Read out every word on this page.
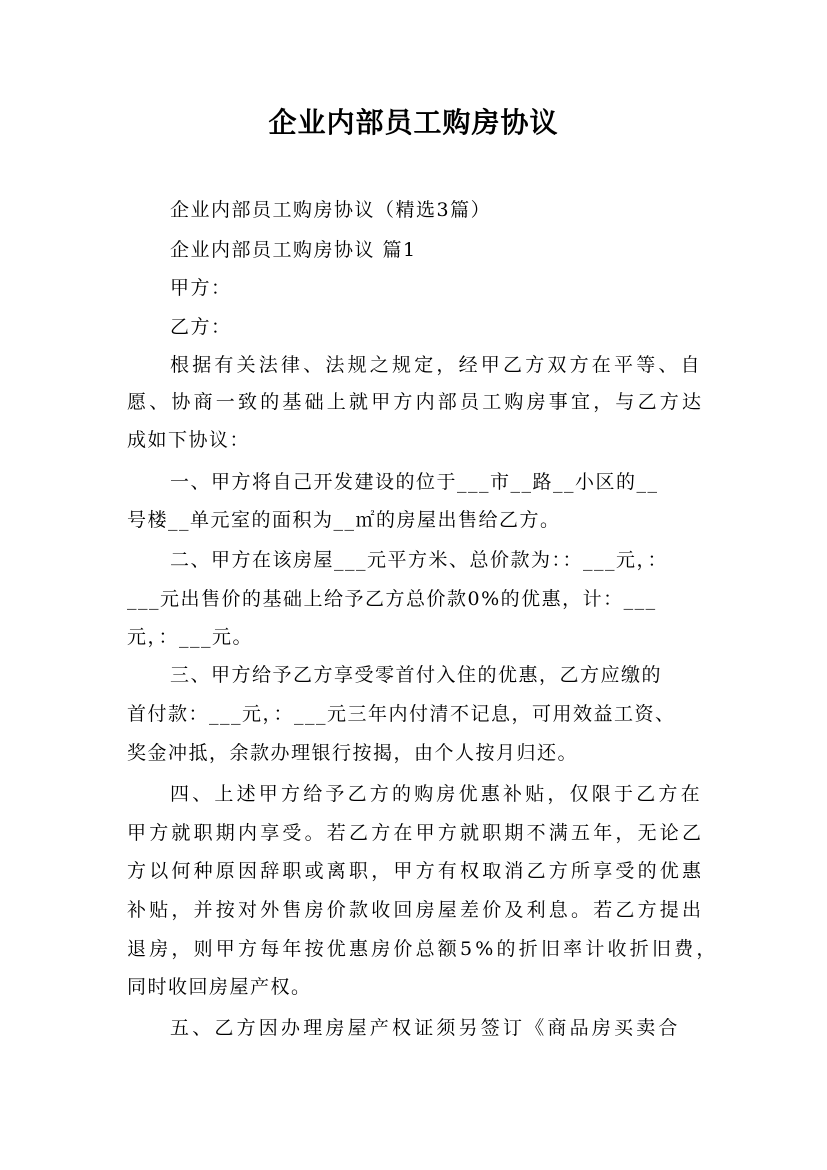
企业内部员工购房协议
企业内部员工购房协议（精选3篇）
企业内部员工购房协议 篇1
甲方：
乙方：
根据有关法律、法规之规定，经甲乙方双方在平等、自
愿、协商一致的基础上就甲方内部员工购房事宜，与乙方达
成如下协议：
一、甲方将自己开发建设的位于___市__路__小区的__
号楼__单元室的面积为__㎡的房屋出售给乙方。
二、甲方在该房屋___元平方米、总价款为：：___元，：
___元出售价的基础上给予乙方总价款0%的优惠，计：___
元，：___元。
三、甲方给予乙方享受零首付入住的优惠，乙方应缴的
首付款：___元，：___元三年内付清不记息，可用效益工资、
奖金冲抵，余款办理银行按揭，由个人按月归还。
四、上述甲方给予乙方的购房优惠补贴，仅限于乙方在
甲方就职期内享受。若乙方在甲方就职期不满五年，无论乙
方以何种原因辞职或离职，甲方有权取消乙方所享受的优惠
补贴，并按对外售房价款收回房屋差价及利息。若乙方提出
退房，则甲方每年按优惠房价总额5%的折旧率计收折旧费，
同时收回房屋产权。
五、乙方因办理房屋产权证须另签订《商品房买卖合
